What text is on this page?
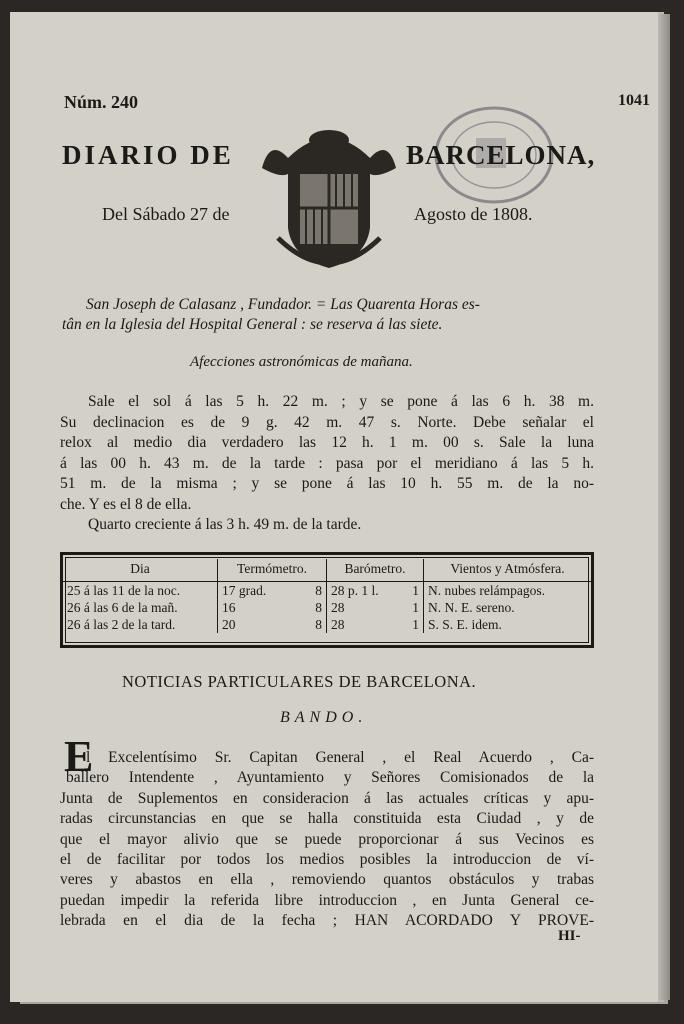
Núm. 240	1041
DIARIO DE	BARCELONA,
Del Sábado 27 de	Agosto de 1808.
San Joseph de Calasanz , Fundador. = Las Quarenta Horas es-
tân en la Iglesia del Hospital General : se reserva á las siete.
Afecciones astronómicas de mañana.
Sale el sol á las 5 h. 22 m. ; y se pone á las 6 h. 38 m.
Su declinacion es de 9 g. 42 m. 47 s. Norte. Debe señalar el
relox al medio dia verdadero las 12 h. 1 m. 00 s. Sale la luna
á las 00 h. 43 m. de la tarde : pasa por el meridiano á las 5 h.
51 m. de la misma ; y se pone á las 10 h. 55 m. de la no-
che. Y es el 8 de ella.
Quarto creciente á las 3 h. 49 m. de la tarde.
Dia	Termómetro.	Barómetro.	Vientos y Atmósfera.
25 á las 11 de la noc.	17 grad. 8	28 p. 1 l. 1	N. nubes relámpagos.
26 á las 6 de la mañ.	16 8	28 1	N. N. E. sereno.
26 á las 2 de la tard.	20 8	28 1	S. S. E. idem.
NOTICIAS PARTICULARES DE BARCELONA.
BANDO.
E
l Excelentísimo Sr. Capitan General , el Real Acuerdo , Ca-
ballero Intendente , Ayuntamiento y Señores Comisionados de la
Junta de Suplementos en consideracion á las actuales críticas y apu-
radas circunstancias en que se halla constituida esta Ciudad , y de
que el mayor alivio que se puede proporcionar á sus Vecinos es
el de facilitar por todos los medios posibles la introduccion de ví-
veres y abastos en ella , removiendo quantos obstáculos y trabas
puedan impedir la referida libre introduccion , en Junta General ce-
lebrada en el dia de la fecha ; HAN ACORDADO Y PROVE-
HI-
